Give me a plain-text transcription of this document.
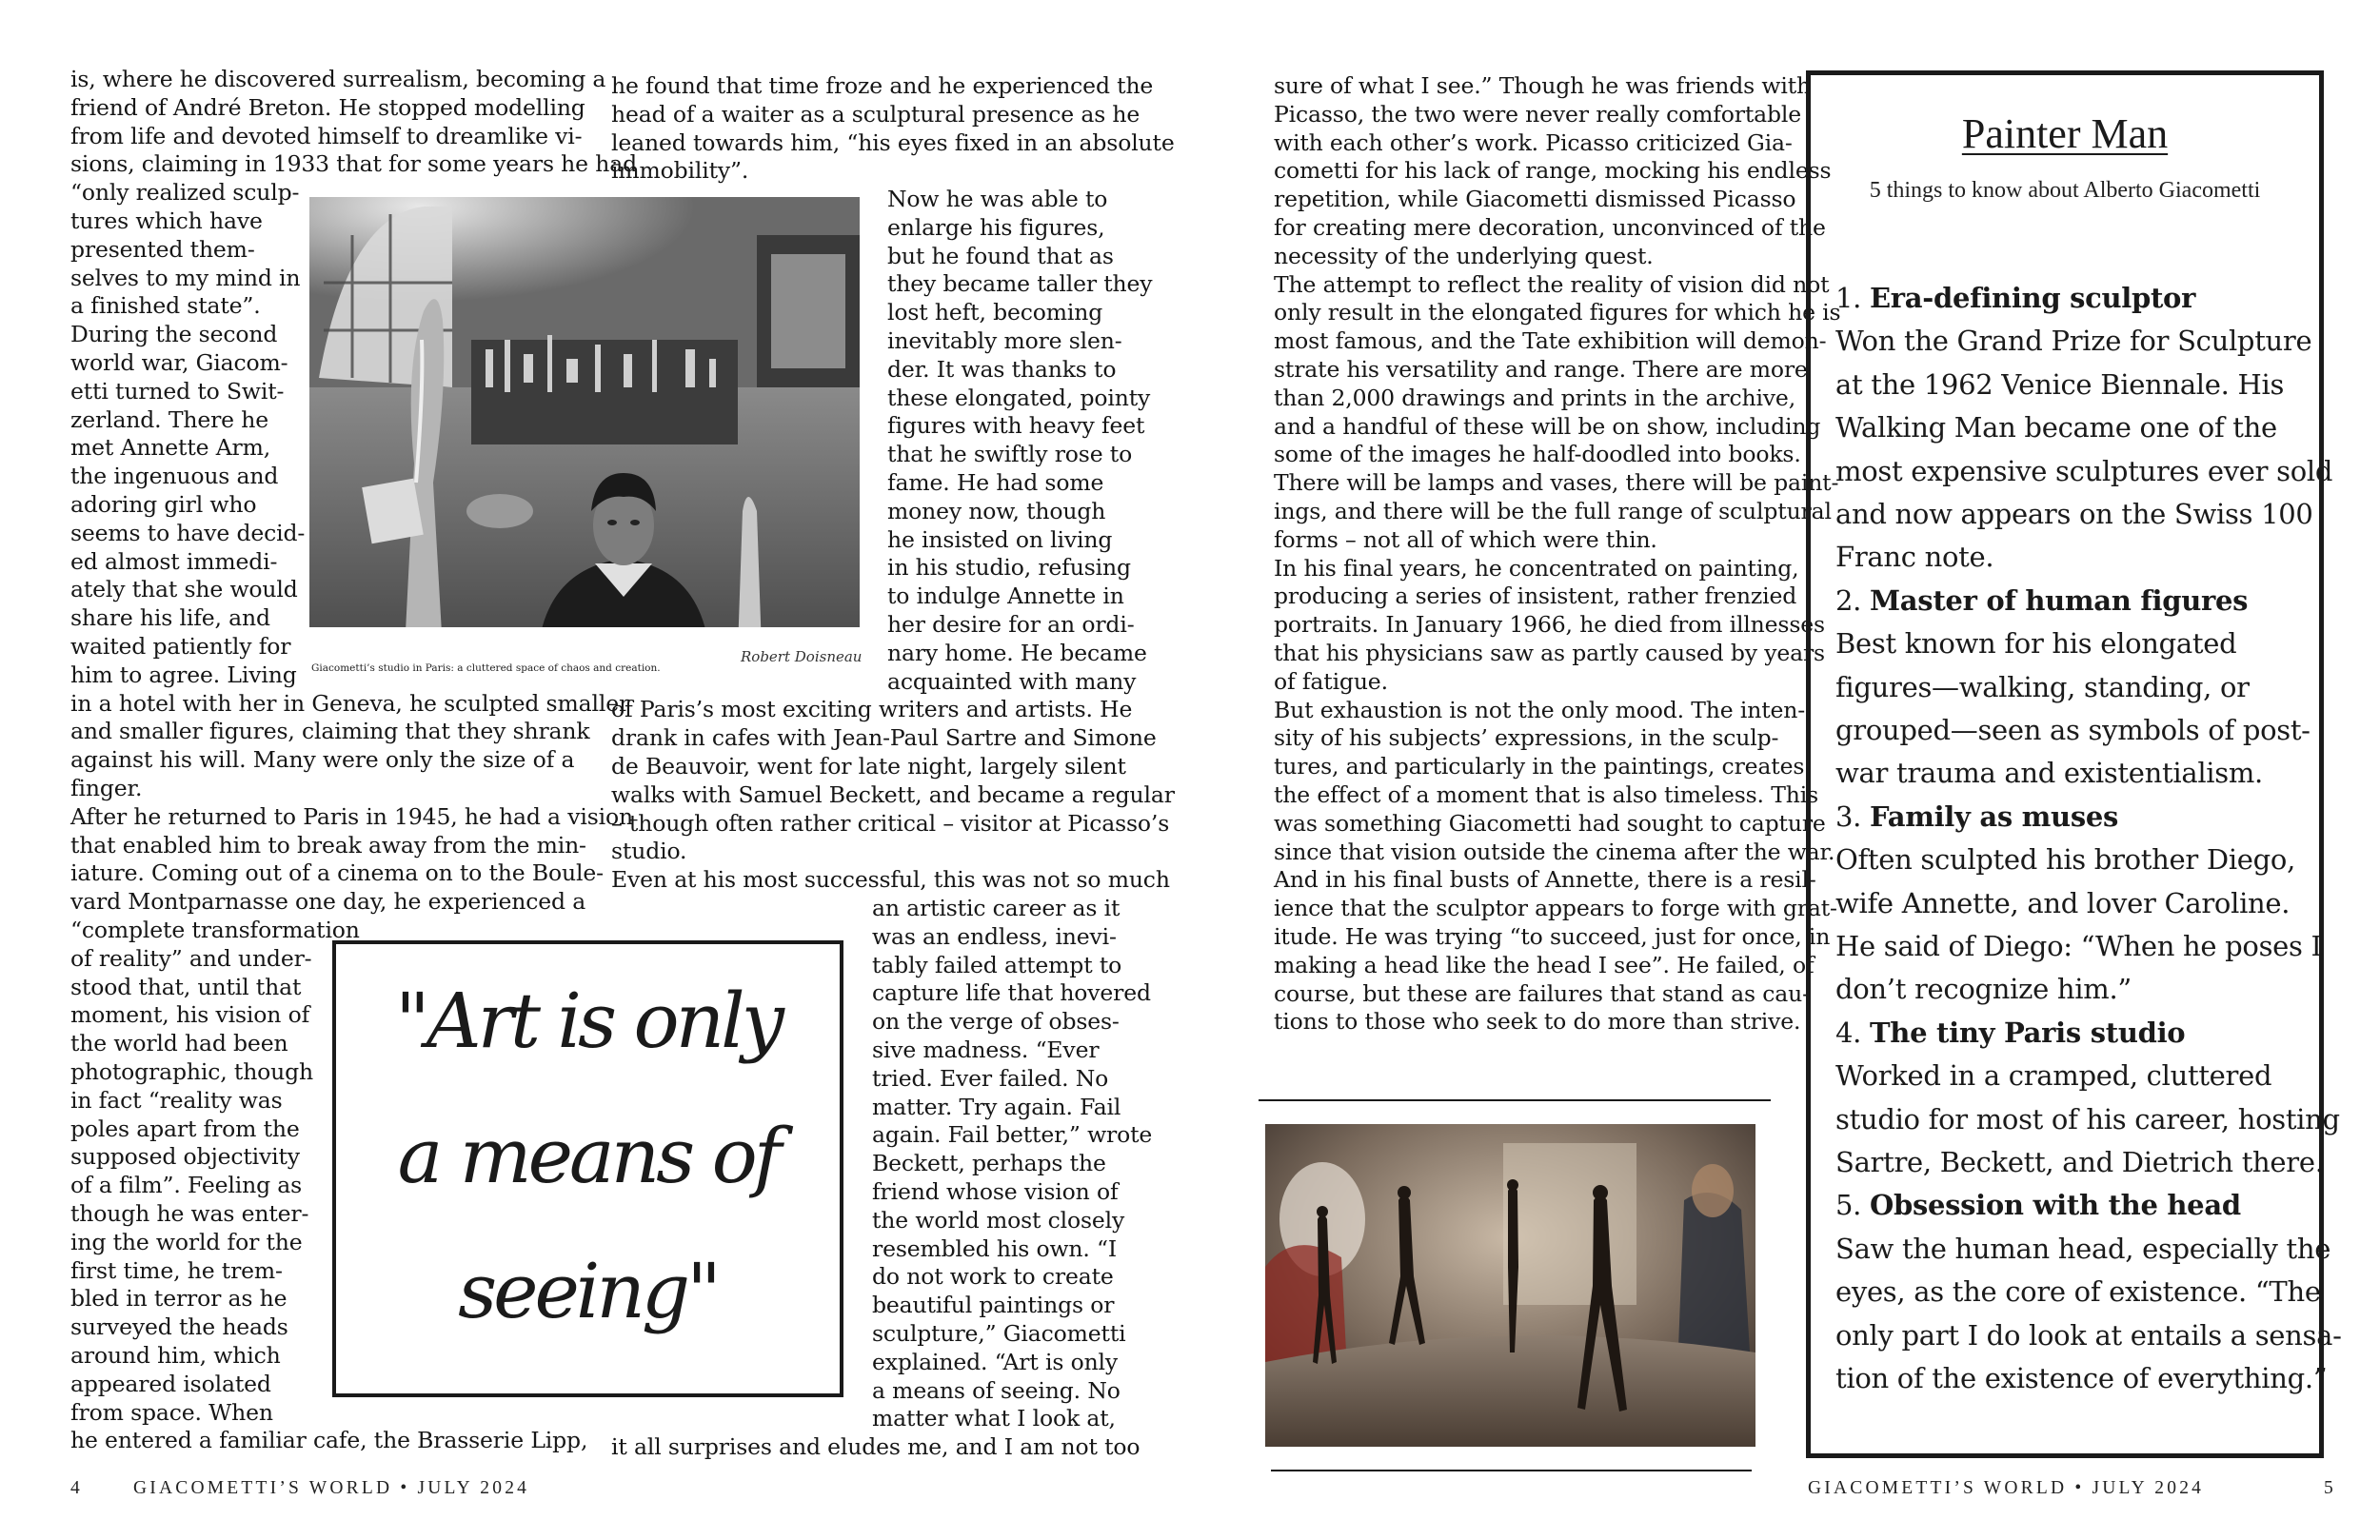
is, where he discovered surrealism, becoming a
friend of André Breton. He stopped modelling
from life and devoted himself to dreamlike vi-
sions, claiming in 1933 that for some years he had
“only realized sculp-
tures which have
presented them-
selves to my mind in
a finished state”.
During the second
world war, Giacom-
etti turned to Swit-
zerland. There he
met Annette Arm,
the ingenuous and
adoring girl who
seems to have decid-
ed almost immedi-
ately that she would
share his life, and
waited patiently for
him to agree. Living
in a hotel with her in Geneva, he sculpted smaller
and smaller figures, claiming that they shrank
against his will. Many were only the size of a
finger.
After he returned to Paris in 1945, he had a vision
that enabled him to break away from the min-
iature. Coming out of a cinema on to the Boule-
vard Montparnasse one day, he experienced a
“complete transformation
of reality” and under-
stood that, until that
moment, his vision of
the world had been
photographic, though
in fact “reality was
poles apart from the
supposed objectivity
of a film”. Feeling as
though he was enter-
ing the world for the
first time, he trem-
bled in terror as he
surveyed the heads
around him, which
appeared isolated
from space. When
he entered a familiar cafe, the Brasserie Lipp,
he found that time froze and he experienced the
head of a waiter as a sculptural presence as he
leaned towards him, “his eyes fixed in an absolute
immobility”.
Now he was able to
enlarge his figures,
but he found that as
they became taller they
lost heft, becoming
inevitably more slen-
der. It was thanks to
these elongated, pointy
figures with heavy feet
that he swiftly rose to
fame. He had some
money now, though
he insisted on living
in his studio, refusing
to indulge Annette in
her desire for an ordi-
nary home. He became
acquainted with many
of Paris’s most exciting writers and artists. He
drank in cafes with Jean-Paul Sartre and Simone
de Beauvoir, went for late night, largely silent
walks with Samuel Beckett, and became a regular
– though often rather critical – visitor at Picasso’s
studio.
Even at his most successful, this was not so much
an artistic career as it
was an endless, inevi-
tably failed attempt to
capture life that hovered
on the verge of obses-
sive madness. “Ever
tried. Ever failed. No
matter. Try again. Fail
again. Fail better,” wrote
Beckett, perhaps the
friend whose vision of
the world most closely
resembled his own. “I
do not work to create
beautiful paintings or
sculpture,” Giacometti
explained. “Art is only
a means of seeing. No
matter what I look at,
it all surprises and eludes me, and I am not too
Giacometti’s studio in Paris: a cluttered space of chaos and creation.
Robert Doisneau
"Art is only
a means of
seeing"
4	GIACOMETTI’S WORLD • JULY 2024
sure of what I see.” Though he was friends with
Picasso, the two were never really comfortable
with each other’s work. Picasso criticized Gia-
cometti for his lack of range, mocking his endless
repetition, while Giacometti dismissed Picasso
for creating mere decoration, unconvinced of the
necessity of the underlying quest.
The attempt to reflect the reality of vision did not
only result in the elongated figures for which he is
most famous, and the Tate exhibition will demon-
strate his versatility and range. There are more
than 2,000 drawings and prints in the archive,
and a handful of these will be on show, including
some of the images he half-doodled into books.
There will be lamps and vases, there will be paint-
ings, and there will be the full range of sculptural
forms – not all of which were thin.
In his final years, he concentrated on painting,
producing a series of insistent, rather frenzied
portraits. In January 1966, he died from illnesses
that his physicians saw as partly caused by years
of fatigue.
But exhaustion is not the only mood. The inten-
sity of his subjects’ expressions, in the sculp-
tures, and particularly in the paintings, creates
the effect of a moment that is also timeless. This
was something Giacometti had sought to capture
since that vision outside the cinema after the war.
And in his final busts of Annette, there is a resil-
ience that the sculptor appears to forge with grat-
itude. He was trying “to succeed, just for once, in
making a head like the head I see”. He failed, of
course, but these are failures that stand as cau-
tions to those who seek to do more than strive.
Painter Man
5 things to know about Alberto Giacometti
1. Era-defining sculptor
Won the Grand Prize for Sculpture
at the 1962 Venice Biennale. His
Walking Man became one of the
most expensive sculptures ever sold
and now appears on the Swiss 100
Franc note.
2. Master of human figures
Best known for his elongated
figures—walking, standing, or
grouped—seen as symbols of post-
war trauma and existentialism.
3. Family as muses
Often sculpted his brother Diego,
wife Annette, and lover Caroline.
He said of Diego: “When he poses I
don’t recognize him.”
4. The tiny Paris studio
Worked in a cramped, cluttered
studio for most of his career, hosting
Sartre, Beckett, and Dietrich there.
5. Obsession with the head
Saw the human head, especially the
eyes, as the core of existence. “The
only part I do look at entails a sensa-
tion of the existence of everything.”
GIACOMETTI’S WORLD • JULY 2024	5
